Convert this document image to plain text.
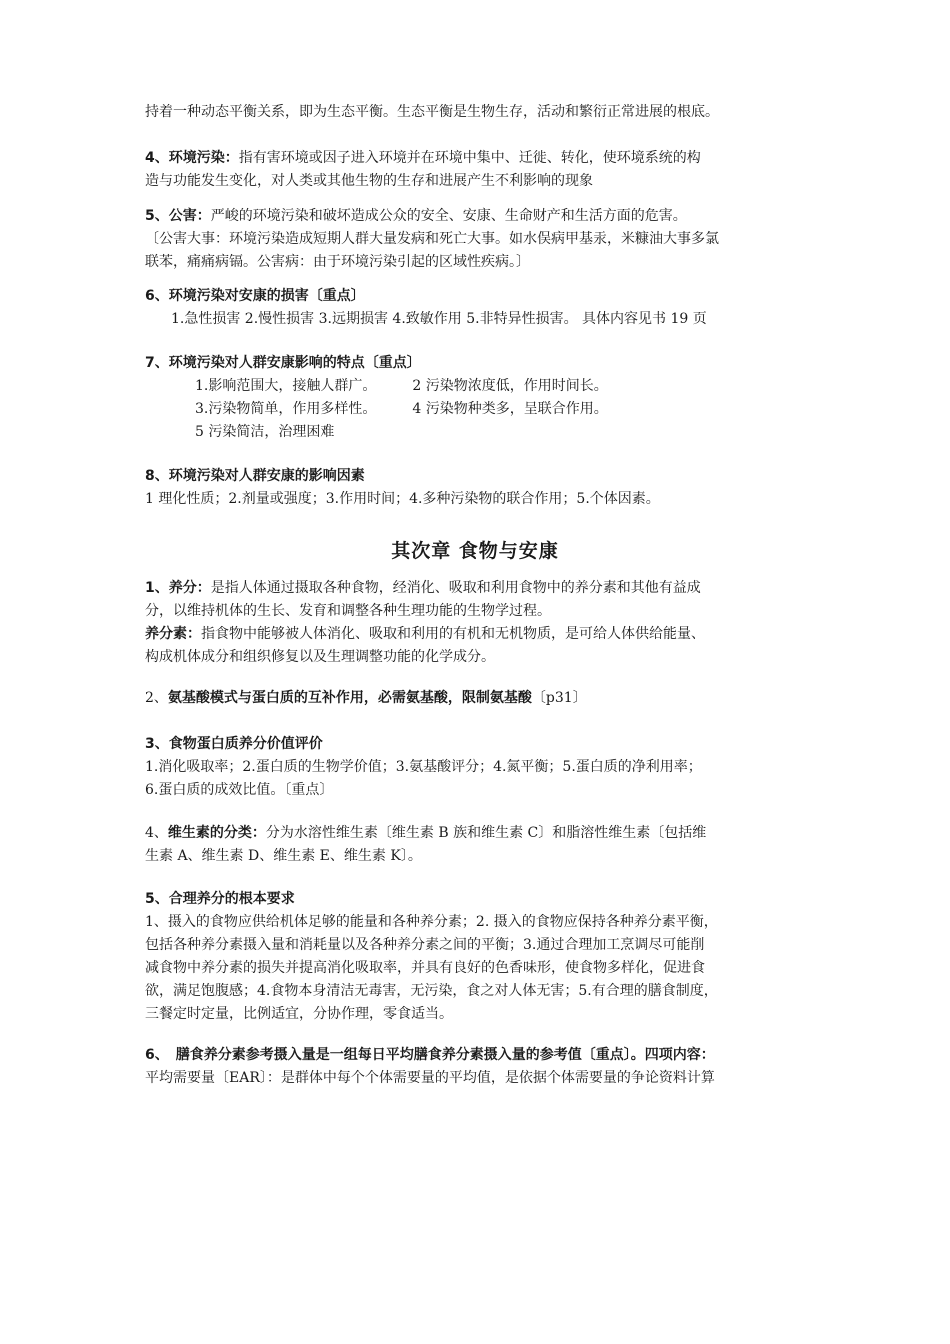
持着一种动态平衡关系，即为生态平衡。生态平衡是生物生存，活动和繁衍正常进展的根底。

4、环境污染：指有害环境或因子进入环境并在环境中集中、迁徙、转化，使环境系统的构
造与功能发生变化，对人类或其他生物的生存和进展产生不利影响的现象

5、公害：严峻的环境污染和破坏造成公众的安全、安康、生命财产和生活方面的危害。
〔公害大事：环境污染造成短期人群大量发病和死亡大事。如水俣病甲基汞，米糠油大事多氯
联苯，痛痛病镉。公害病：由于环境污染引起的区域性疾病。〕

6、环境污染对安康的损害〔重点〕
1.急性损害 2.慢性损害 3.远期损害 4.致敏作用 5.非特异性损害。 具体内容见书 19 页

7、环境污染对人群安康影响的特点〔重点〕
1.影响范围大，接触人群广。	2 污染物浓度低，作用时间长。
3.污染物简单，作用多样性。	4 污染物种类多，呈联合作用。
5 污染简洁，治理困难

8、环境污染对人群安康的影响因素
1 理化性质；2.剂量或强度；3.作用时间；4.多种污染物的联合作用；5.个体因素。

其次章 食物与安康

1、养分：是指人体通过摄取各种食物，经消化、吸取和利用食物中的养分素和其他有益成
分，以维持机体的生长、发育和调整各种生理功能的生物学过程。
养分素：指食物中能够被人体消化、吸取和利用的有机和无机物质，是可给人体供给能量、
构成机体成分和组织修复以及生理调整功能的化学成分。

2、氨基酸模式与蛋白质的互补作用，必需氨基酸，限制氨基酸〔p31〕

3、食物蛋白质养分价值评价
1.消化吸取率；2.蛋白质的生物学价值；3.氨基酸评分；4.氮平衡；5.蛋白质的净利用率；
6.蛋白质的成效比值。〔重点〕

4、维生素的分类：分为水溶性维生素〔维生素 B 族和维生素 C〕和脂溶性维生素〔包括维
生素 A、维生素 D、维生素 E、维生素 K〕。

5、合理养分的根本要求
1、摄入的食物应供给机体足够的能量和各种养分素；2. 摄入的食物应保持各种养分素平衡，
包括各种养分素摄入量和消耗量以及各种养分素之间的平衡；3.通过合理加工烹调尽可能削
减食物中养分素的损失并提高消化吸取率，并具有良好的色香味形，使食物多样化，促进食
欲，满足饱腹感；4.食物本身清洁无毒害，无污染，食之对人体无害；5.有合理的膳食制度，
三餐定时定量，比例适宜，分协作理，零食适当。

6、　膳食养分素参考摄入量是一组每日平均膳食养分素摄入量的参考值〔重点〕。四项内容：
平均需要量〔EAR〕：是群体中每个个体需要量的平均值，是依据个体需要量的争论资料计算
